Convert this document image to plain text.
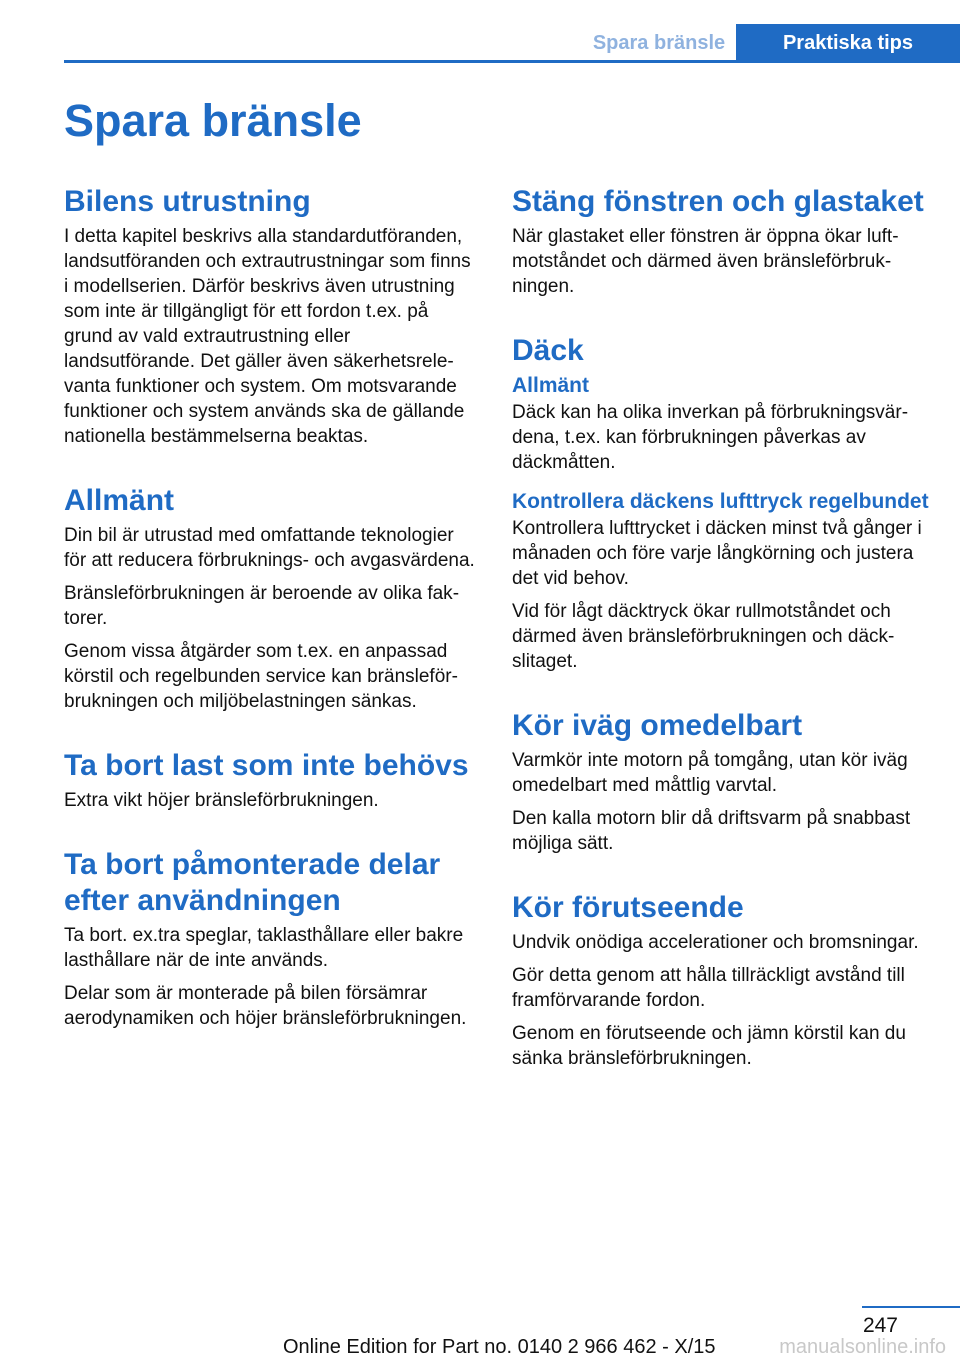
Spara bränsle	Praktiska tips
Spara bränsle
Bilens utrustning

I detta kapitel beskrivs alla standardutföranden, landsutföranden och extrautrustningar som finns i modellserien. Därför beskrivs även utrustning som inte är tillgängligt för ett fordon t.ex. på grund av vald extrautrustning eller landsutförande. Det gäller även säkerhetsrelevanta funktioner och system. Om motsvarande funktioner och system används ska de gällande nationella bestämmelserna beaktas.

Allmänt

Din bil är utrustad med omfattande teknologier för att reducera förbruknings- och avgasvärdena.

Bränsleförbrukningen är beroende av olika faktorer.

Genom vissa åtgärder som t.ex. en anpassad körstil och regelbunden service kan bränsleförbrukningen och miljöbelastningen sänkas.

Ta bort last som inte behövs

Extra vikt höjer bränsleförbrukningen.

Ta bort påmonterade delar efter användningen

Ta bort. ex.tra speglar, taklasthållare eller bakre lasthållare när de inte används.

Delar som är monterade på bilen försämrar aerodynamiken och höjer bränsleförbrukningen.

Stäng fönstren och glastaket

När glastaket eller fönstren är öppna ökar luftmotståndet och därmed även bränsleförbrukningen.

Däck
Allmänt

Däck kan ha olika inverkan på förbrukningsvärdena, t.ex. kan förbrukningen påverkas av däckmåtten.

Kontrollera däckens lufttryck regelbundet

Kontrollera lufttrycket i däcken minst två gånger i månaden och före varje långkörning och justera det vid behov.

Vid för lågt däcktryck ökar rullmotståndet och därmed även bränsleförbrukningen och däckslitaget.

Kör iväg omedelbart

Varmkör inte motorn på tomgång, utan kör iväg omedelbart med måttlig varvtal.

Den kalla motorn blir då driftsvarm på snabbast möjliga sätt.

Kör förutseende

Undvik onödiga accelerationer och bromsningar.

Gör detta genom att hålla tillräckligt avstånd till framförvarande fordon.

Genom en förutseende och jämn körstil kan du sänka bränsleförbrukningen.

247
Online Edition for Part no. 0140 2 966 462 - X/15	manualsonline.info
